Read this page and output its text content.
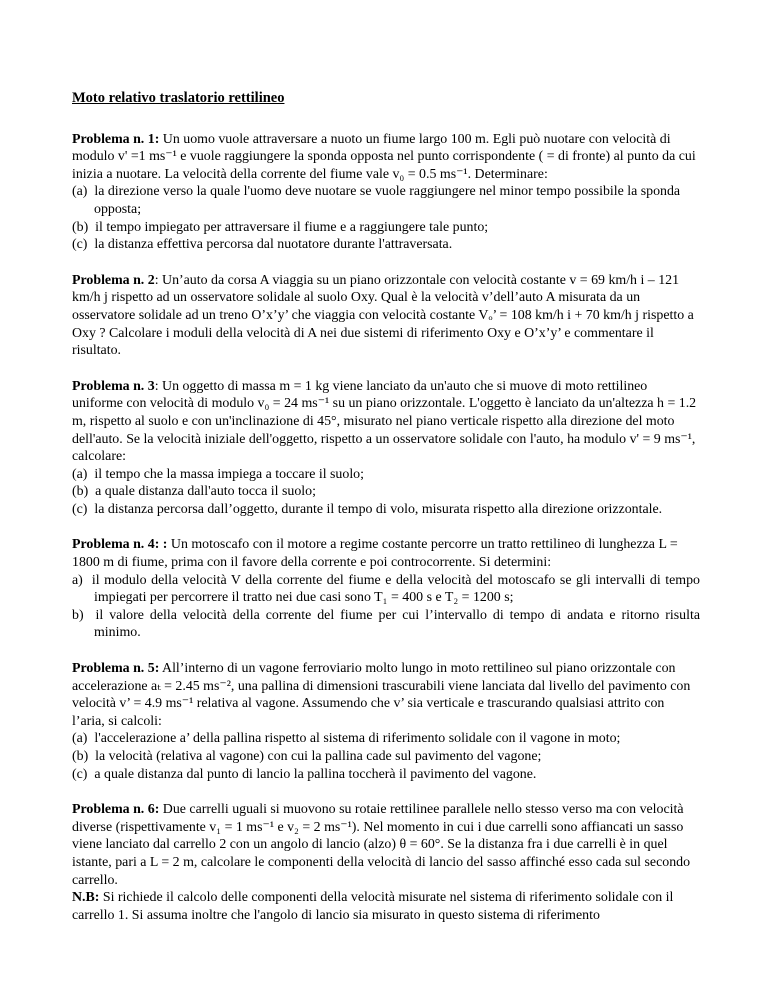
Moto relativo traslatorio rettilineo

Problema n. 1: Un uomo vuole attraversare a nuoto un fiume largo 100 m. Egli può nuotare con velocità di modulo v' =1 ms⁻¹ e vuole raggiungere la sponda opposta nel punto corrispondente ( = di fronte) al punto da cui inizia a nuotare. La velocità della corrente del fiume vale v₀ = 0.5 ms⁻¹. Determinare:

(a)  la direzione verso la quale l'uomo deve nuotare se vuole raggiungere nel minor tempo possibile la sponda opposta;
(b)  il tempo impiegato per attraversare il fiume e a raggiungere tale punto;
(c)  la distanza effettiva percorsa dal nuotatore durante l'attraversata.

Problema n. 2: Un’auto da corsa A viaggia su un piano orizzontale con velocità costante v = 69 km/h i – 121 km/h j rispetto ad un osservatore solidale al suolo Oxy. Qual è la velocità v’dell’auto A misurata da un osservatore solidale ad un treno O’x’y’ che viaggia con velocità costante Vₒ’ = 108 km/h i + 70 km/h j rispetto a Oxy ? Calcolare i moduli della velocità di A nei due sistemi di riferimento Oxy e O’x’y’ e commentare il risultato.

Problema n. 3: Un oggetto di massa m = 1 kg viene lanciato da un'auto che si muove di moto rettilineo uniforme con velocità di modulo v₀ = 24 ms⁻¹ su un piano orizzontale. L'oggetto è lanciato da un'altezza h = 1.2 m, rispetto al suolo e con un'inclinazione di 45°, misurato nel piano verticale rispetto alla direzione del moto dell'auto. Se la velocità iniziale dell'oggetto, rispetto a un osservatore solidale con l'auto, ha modulo v' = 9 ms⁻¹, calcolare:

(a)  il tempo che la massa impiega a toccare il suolo;
(b)  a quale distanza dall'auto tocca il suolo;
(c)  la distanza percorsa dall’oggetto, durante il tempo di volo, misurata rispetto alla direzione orizzontale.

Problema n. 4: : Un motoscafo con il motore a regime costante percorre un tratto rettilineo di lunghezza L = 1800 m di fiume, prima con il favore della corrente e poi controcorrente. Si determini:

a)  il modulo della velocità V della corrente del fiume e della velocità del motoscafo se gli intervalli di tempo impiegati per percorrere il tratto nei due casi sono T₁ = 400 s e T₂ = 1200 s;
b)  il valore della velocità della corrente del fiume per cui l’intervallo di tempo di andata e ritorno risulta minimo.

Problema n. 5: All’interno di un vagone ferroviario molto lungo in moto rettilineo sul piano orizzontale con accelerazione aₜ = 2.45 ms⁻², una pallina di dimensioni trascurabili viene lanciata dal livello del pavimento con velocità v’ = 4.9 ms⁻¹ relativa al vagone. Assumendo che v’ sia verticale e trascurando qualsiasi attrito con l’aria, si calcoli:

(a)  l'accelerazione a’ della pallina rispetto al sistema di riferimento solidale con il vagone in moto;
(b)  la velocità (relativa al vagone) con cui la pallina cade sul pavimento del vagone;
(c)  a quale distanza dal punto di lancio la pallina toccherà il pavimento del vagone.

Problema n. 6: Due carrelli uguali si muovono su rotaie rettilinee parallele nello stesso verso ma con velocità diverse (rispettivamente v₁ = 1 ms⁻¹ e v₂ = 2 ms⁻¹). Nel momento in cui i due carrelli sono affiancati un sasso viene lanciato dal carrello 2 con un angolo di lancio (alzo) θ = 60°. Se la distanza fra i due carrelli è in quel istante, pari a L = 2 m, calcolare le componenti della velocità di lancio del sasso affinché esso cada sul secondo carrello.

N.B: Si richiede il calcolo delle componenti della velocità misurate nel sistema di riferimento solidale con il carrello 1. Si assuma inoltre che l'angolo di lancio sia misurato in questo sistema di riferimento
